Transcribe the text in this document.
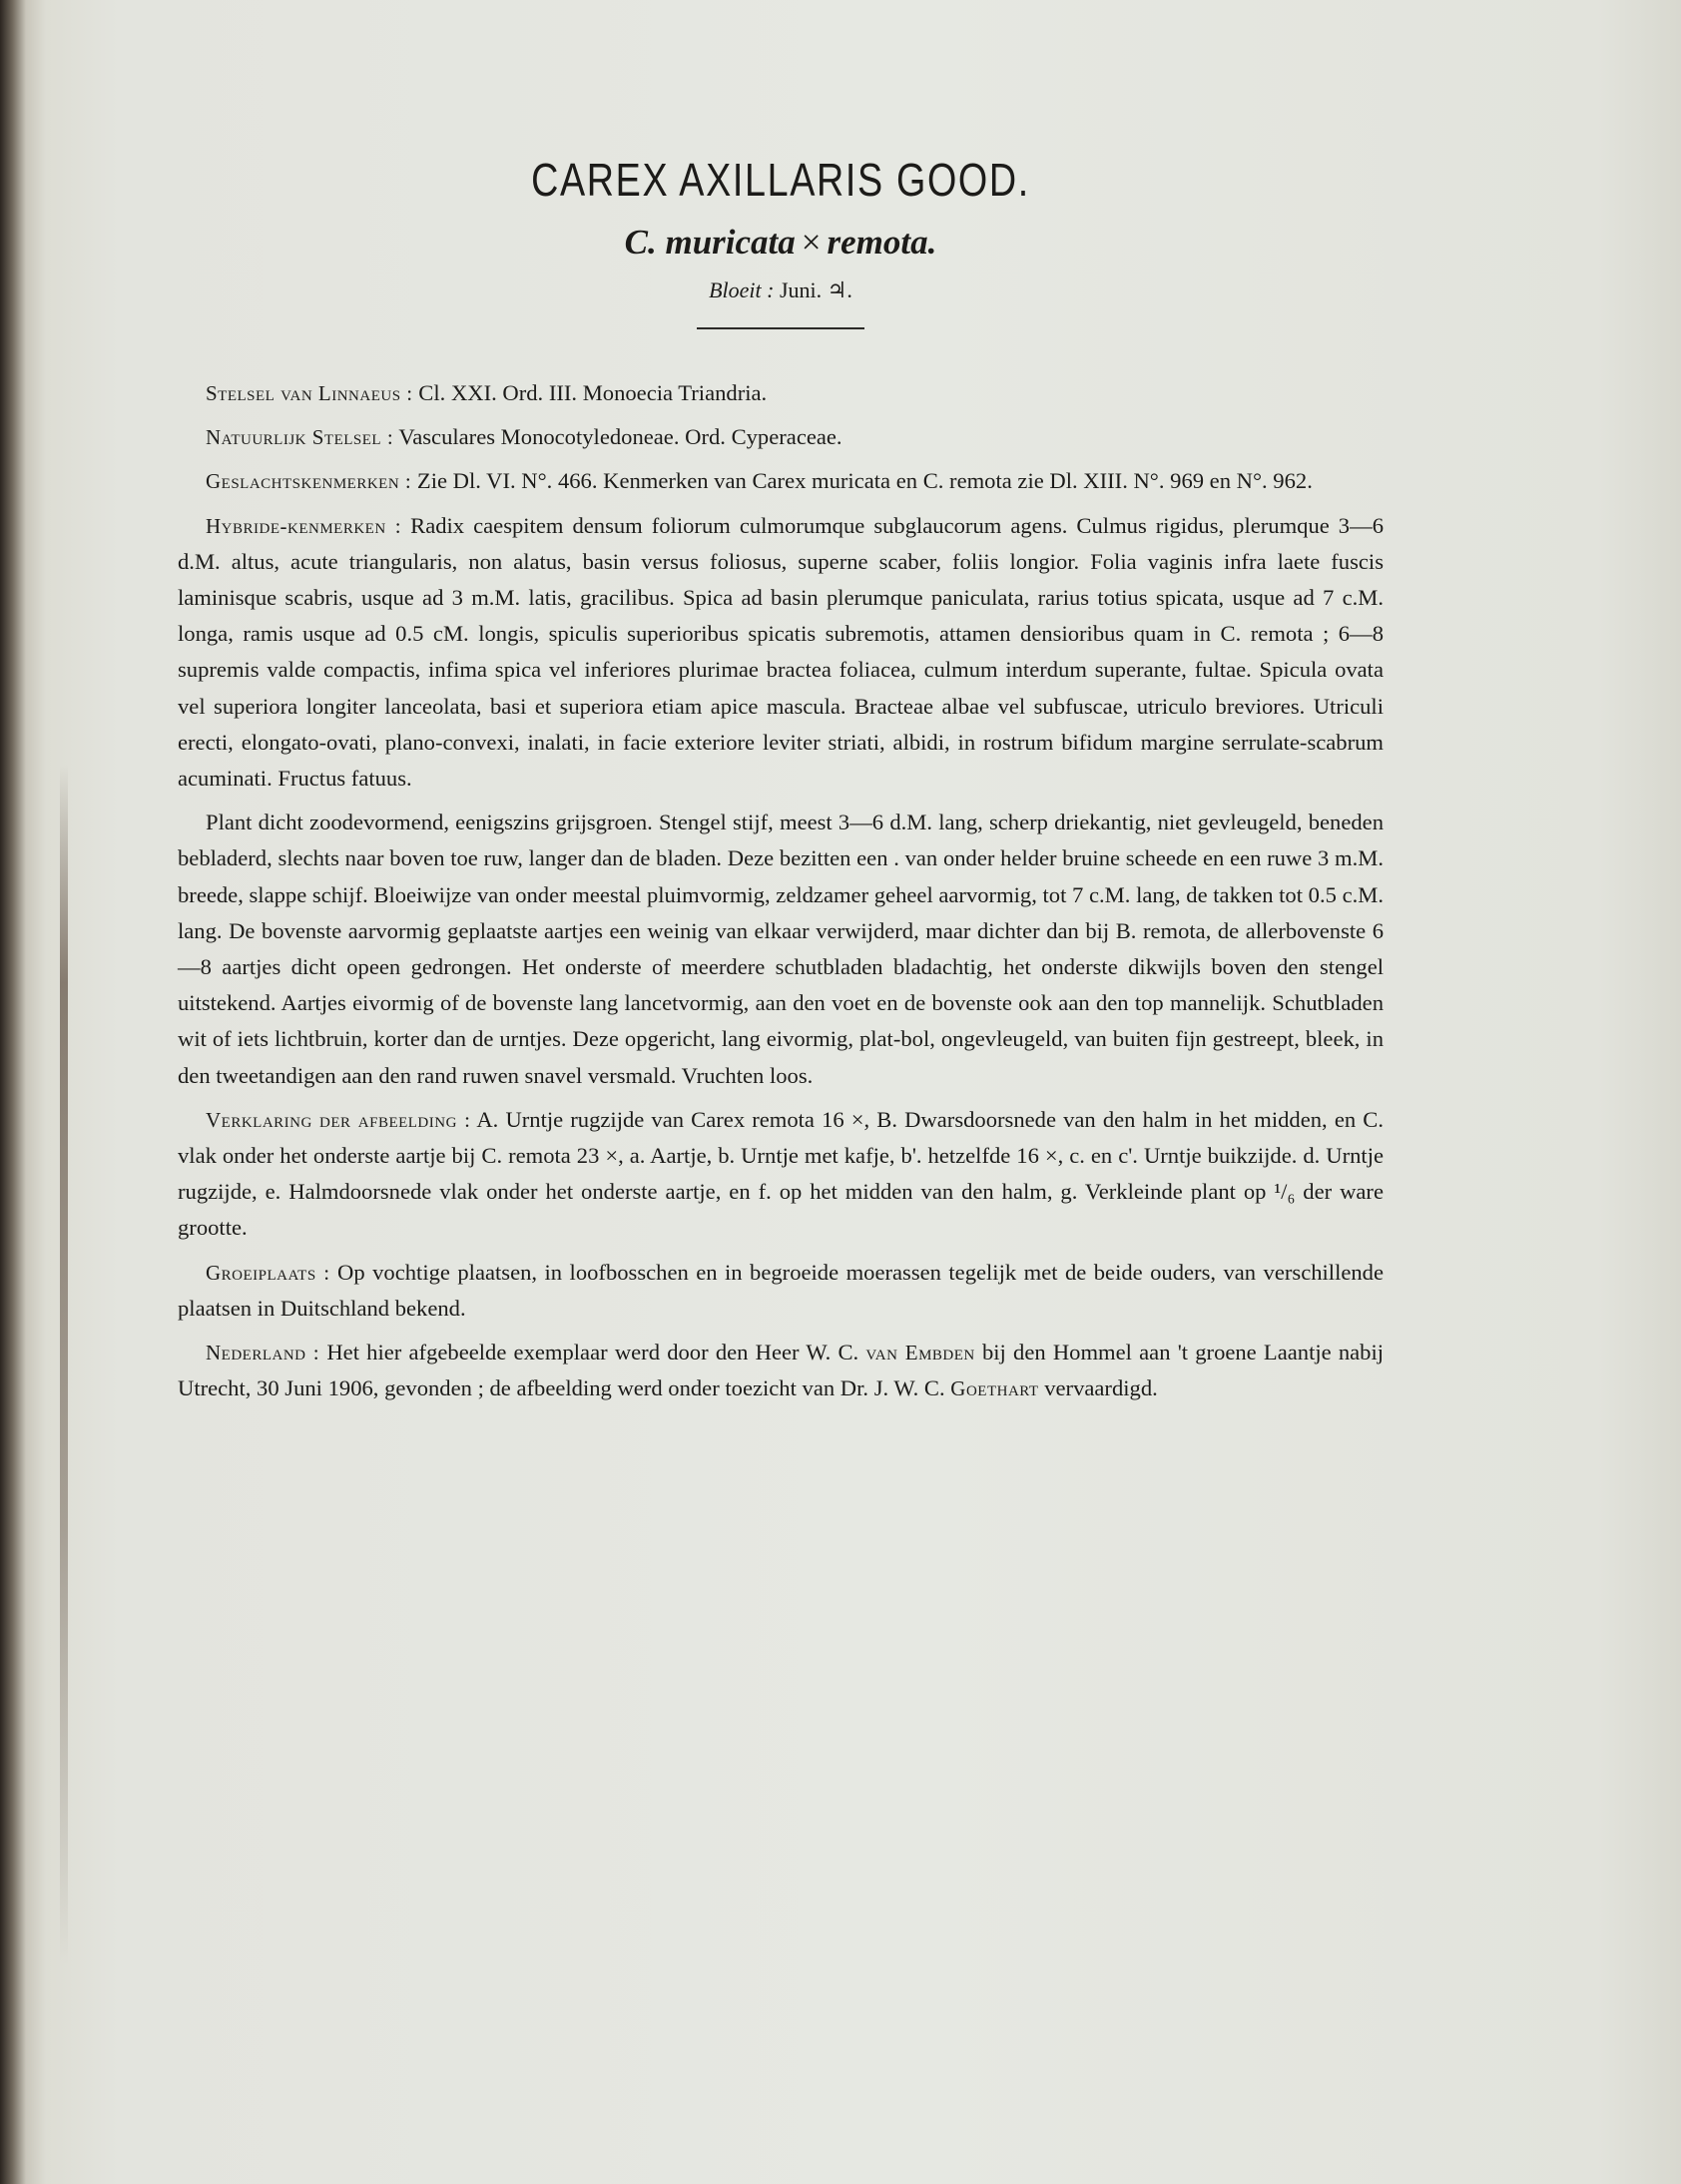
CAREX AXILLARIS GOOD.
C. muricata × remota.
Bloeit : Juni. ♃.

Stelsel van Linnaeus : Cl. XXI. Ord. III. Monoecia Triandria.

Natuurlijk Stelsel : Vasculares Monocotyledoneae. Ord. Cyperaceae.

Geslachtskenmerken : Zie Dl. VI. N°. 466. Kenmerken van Carex muricata en C. remota zie Dl. XIII. N°. 969 en N°. 962.

Hybride-kenmerken : Radix caespitem densum foliorum culmorumque subglaucorum agens. Culmus rigidus, plerumque 3—6 d.M. altus, acute triangularis, non alatus, basin versus foliosus, superne scaber, foliis longior. Folia vaginis infra laete fuscis laminisque scabris, usque ad 3 m.M. latis, gracilibus. Spica ad basin plerumque paniculata, rarius totius spicata, usque ad 7 c.M. longa, ramis usque ad 0.5 cM. longis, spiculis superioribus spicatis subremotis, attamen densioribus quam in C. remota ; 6—8 supremis valde compactis, infima spica vel inferiores plurimae bractea foliacea, culmum interdum superante, fultae. Spicula ovata vel superiora longiter lanceolata, basi et superiora etiam apice mascula. Bracteae albae vel subfuscae, utriculo breviores. Utriculi erecti, elongato-ovati, plano-convexi, inalati, in facie exteriore leviter striati, albidi, in rostrum bifidum margine serrulate-scabrum acuminati. Fructus fatuus.

Plant dicht zoodevormend, eenigszins grijsgroen. Stengel stijf, meest 3—6 d.M. lang, scherp driekantig, niet gevleugeld, beneden bebladerd, slechts naar boven toe ruw, langer dan de bladen. Deze bezitten een . van onder helder bruine scheede en een ruwe 3 m.M. breede, slappe schijf. Bloeiwijze van onder meestal pluimvormig, zeldzamer geheel aarvormig, tot 7 c.M. lang, de takken tot 0.5 c.M. lang. De bovenste aarvormig geplaatste aartjes een weinig van elkaar verwijderd, maar dichter dan bij B. remota, de allerbovenste 6—8 aartjes dicht opeen gedrongen. Het onderste of meerdere schutbladen bladachtig, het onderste dikwijls boven den stengel uitstekend. Aartjes eivormig of de bovenste lang lancetvormig, aan den voet en de bovenste ook aan den top mannelijk. Schutbladen wit of iets lichtbruin, korter dan de urntjes. Deze opgericht, lang eivormig, plat-bol, ongevleugeld, van buiten fijn gestreept, bleek, in den tweetandigen aan den rand ruwen snavel versmald. Vruchten loos.

Verklaring der afbeelding : A. Urntje rugzijde van Carex remota 16 ×, B. Dwarsdoorsnede van den halm in het midden, en C. vlak onder het onderste aartje bij C. remota 23 ×, a. Aartje, b. Urntje met kafje, b'. hetzelfde 16 ×, c. en c'. Urntje buikzijde. d. Urntje rugzijde, e. Halmdoorsnede vlak onder het onderste aartje, en f. op het midden van den halm, g. Verkleinde plant op ¹/₆ der ware grootte.

Groeiplaats : Op vochtige plaatsen, in loofbosschen en in begroeide moerassen tegelijk met de beide ouders, van verschillende plaatsen in Duitschland bekend.

Nederland : Het hier afgebeelde exemplaar werd door den Heer W. C. van Embden bij den Hommel aan 't groene Laantje nabij Utrecht, 30 Juni 1906, gevonden ; de afbeelding werd onder toezicht van Dr. J. W. C. Goethart vervaardigd.
